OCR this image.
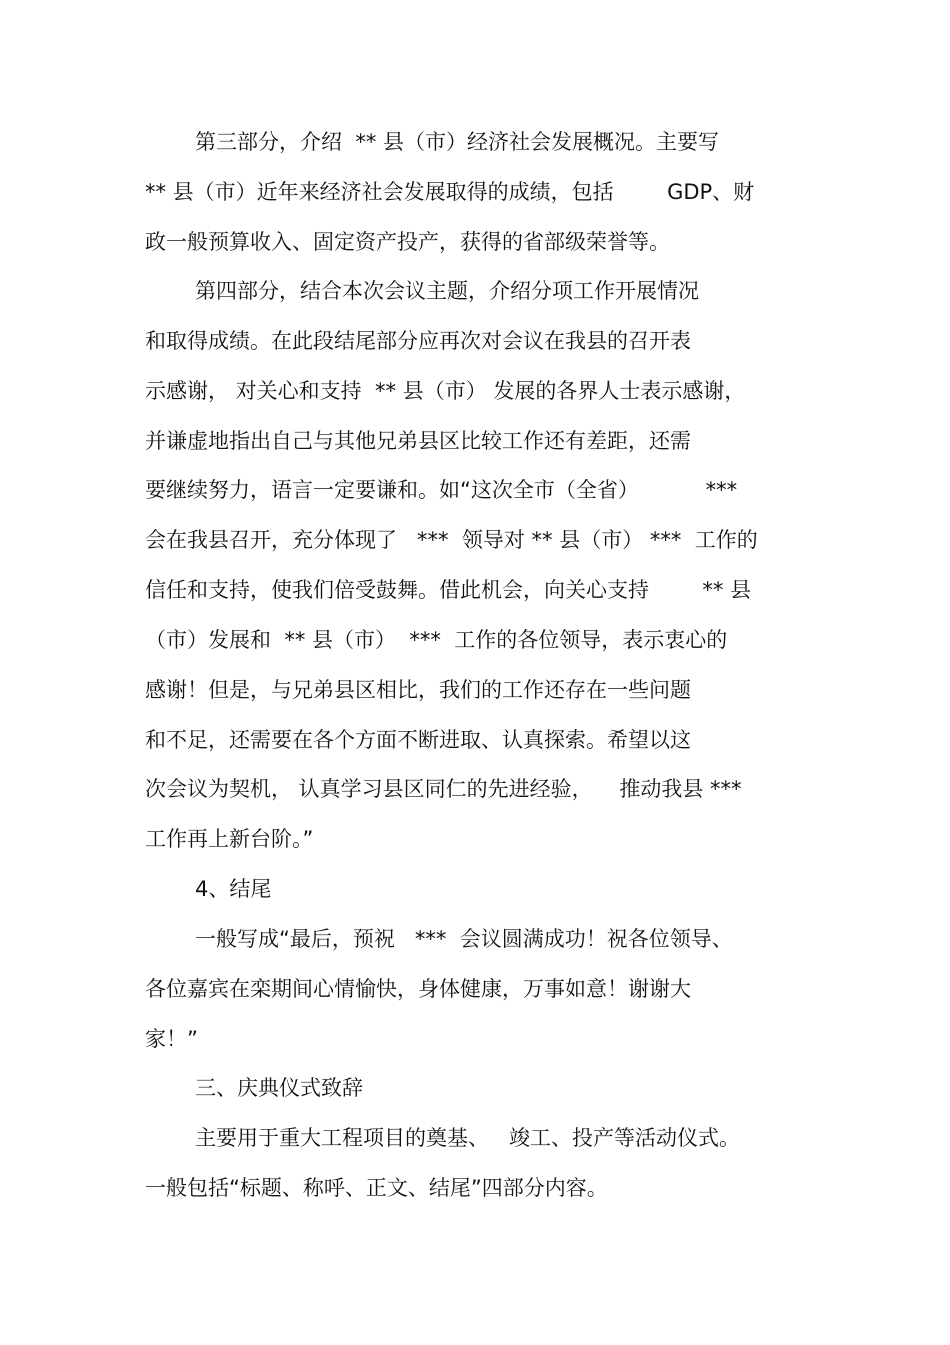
第三部分，介绍  ** 县（市）经济社会发展概况。主要写
** 县（市）近年来经济社会发展取得的成绩，包括        GDP、财
政一般预算收入、固定资产投产，获得的省部级荣誉等。
第四部分，结合本次会议主题，介绍分项工作开展情况
和取得成绩。在此段结尾部分应再次对会议在我县的召开表
示感谢， 对关心和支持  ** 县（市） 发展的各界人士表示感谢，
并谦虚地指出自己与其他兄弟县区比较工作还有差距，还需
要继续努力，语言一定要谦和。如“这次全市（全省）          ***
会在我县召开，充分体现了   ***  领导对 ** 县（市） ***  工作的
信任和支持，使我们倍受鼓舞。借此机会，向关心支持        ** 县
（市）发展和  ** 县（市）  ***  工作的各位领导，表示衷心的
感谢！但是，与兄弟县区相比，我们的工作还存在一些问题
和不足，还需要在各个方面不断进取、认真探索。希望以这
次会议为契机， 认真学习县区同仁的先进经验，    推动我县 ***
工作再上新台阶。”
4、结尾
一般写成“最后，预祝   ***  会议圆满成功！祝各位领导、
各位嘉宾在栾期间心情愉快，身体健康，万事如意！谢谢大
家！”
三、庆典仪式致辞
主要用于重大工程项目的奠基、   竣工、投产等活动仪式。
一般包括“标题、称呼、正文、结尾”四部分内容。
